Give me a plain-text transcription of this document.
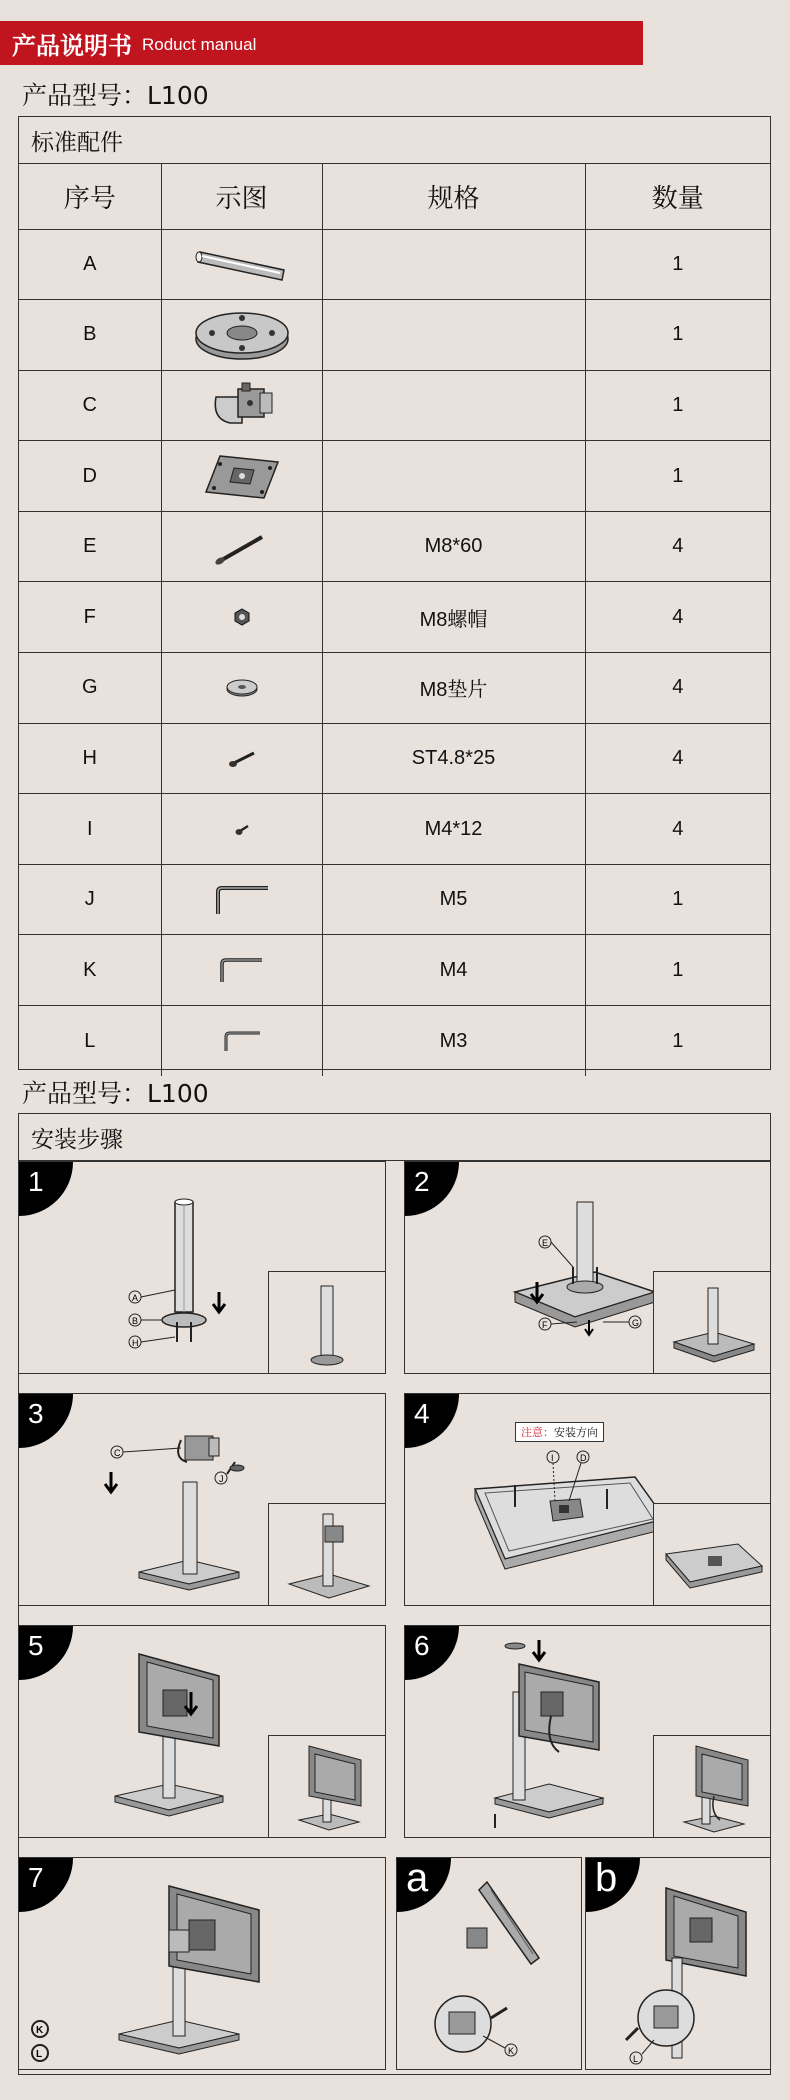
产品说明书 Roduct manual
产品型号：L100
标准配件
序号	示图	规格	数量
A			1
B			1
C			1
D			1
E		M8*60	4
F		M8螺帽	4
G		M8垫片	4
H		ST4.8*25	4
I		M4*12	4
J		M5	1
K		M4	1
L		M3	1
产品型号：L100
安装步骤
1
A
B
H
2
E
F	G
3
C
J
4
注意：安装方向
I	D
5	6
7
K
L
a
K
b
L
